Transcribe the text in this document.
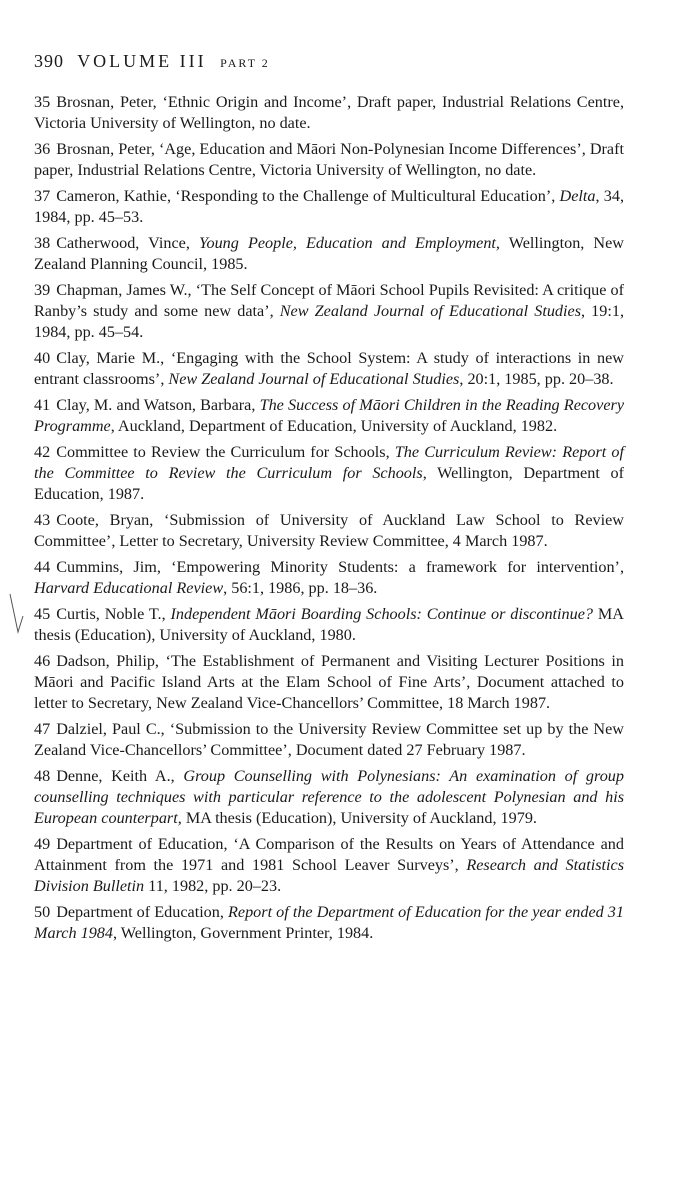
390 VOLUME III PART 2

35 Brosnan, Peter, ‘Ethnic Origin and Income’, Draft paper, Industrial Relations Centre, Victoria University of Wellington, no date.

36 Brosnan, Peter, ‘Age, Education and Māori Non-Polynesian Income Differences’, Draft paper, Industrial Relations Centre, Victoria University of Wellington, no date.

37 Cameron, Kathie, ‘Responding to the Challenge of Multicultural Education’, Delta, 34, 1984, pp. 45–53.

38 Catherwood, Vince, Young People, Education and Employment, Wellington, New Zealand Planning Council, 1985.

39 Chapman, James W., ‘The Self Concept of Māori School Pupils Revisited: A critique of Ranby’s study and some new data’, New Zealand Journal of Educational Studies, 19:1, 1984, pp. 45–54.

40 Clay, Marie M., ‘Engaging with the School System: A study of interactions in new entrant classrooms’, New Zealand Journal of Educational Studies, 20:1, 1985, pp. 20–38.

41 Clay, M. and Watson, Barbara, The Success of Māori Children in the Reading Recovery Programme, Auckland, Department of Education, University of Auckland, 1982.

42 Committee to Review the Curriculum for Schools, The Curriculum Review: Report of the Committee to Review the Curriculum for Schools, Wellington, Department of Education, 1987.

43 Coote, Bryan, ‘Submission of University of Auckland Law School to Review Committee’, Letter to Secretary, University Review Committee, 4 March 1987.

44 Cummins, Jim, ‘Empowering Minority Students: a framework for intervention’, Harvard Educational Review, 56:1, 1986, pp. 18–36.

45 Curtis, Noble T., Independent Māori Boarding Schools: Continue or discontinue? MA thesis (Education), University of Auckland, 1980.

46 Dadson, Philip, ‘The Establishment of Permanent and Visiting Lecturer Positions in Māori and Pacific Island Arts at the Elam School of Fine Arts’, Document attached to letter to Secretary, New Zealand Vice-Chancellors’ Committee, 18 March 1987.

47 Dalziel, Paul C., ‘Submission to the University Review Committee set up by the New Zealand Vice-Chancellors’ Committee’, Document dated 27 February 1987.

48 Denne, Keith A., Group Counselling with Polynesians: An examination of group counselling techniques with particular reference to the adolescent Polynesian and his European counterpart, MA thesis (Education), University of Auckland, 1979.

49 Department of Education, ‘A Comparison of the Results on Years of Attendance and Attainment from the 1971 and 1981 School Leaver Surveys’, Research and Statistics Division Bulletin 11, 1982, pp. 20–23.

50 Department of Education, Report of the Department of Education for the year ended 31 March 1984, Wellington, Government Printer, 1984.
